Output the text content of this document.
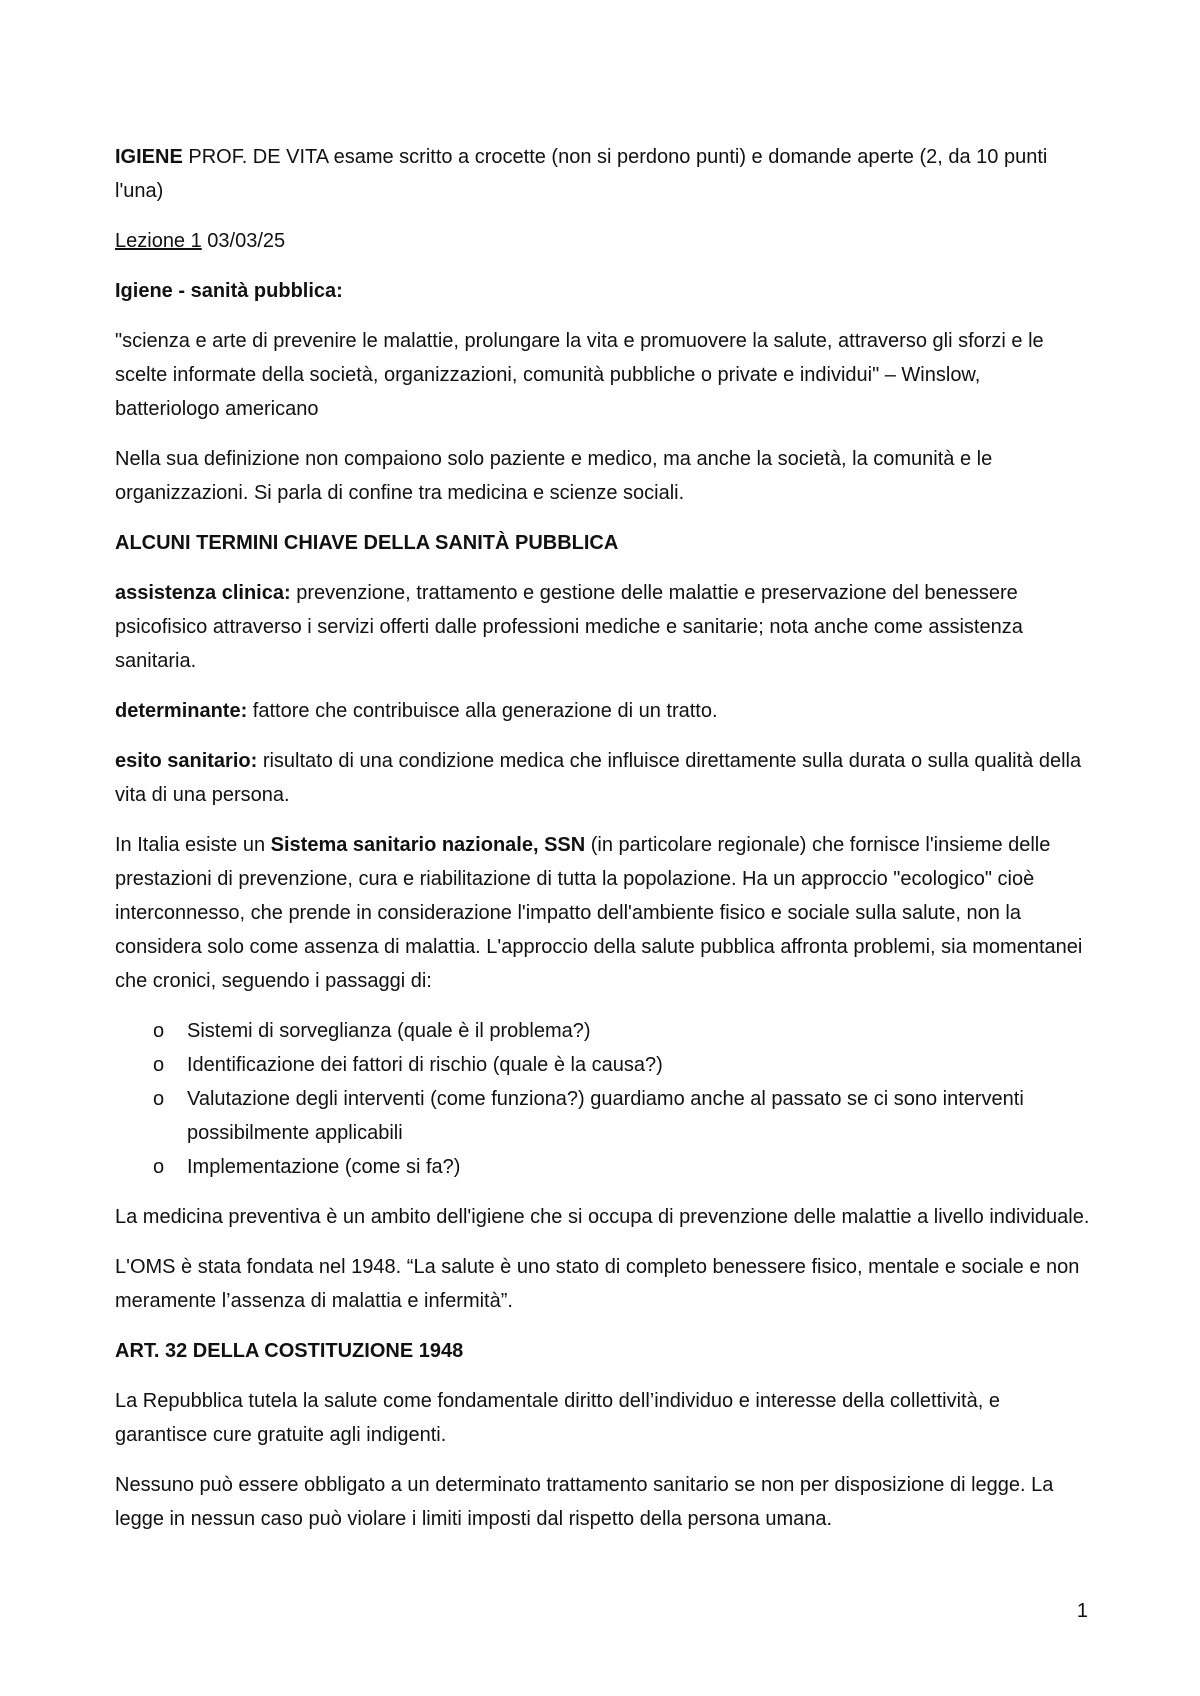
IGIENE PROF. DE VITA esame scritto a crocette (non si perdono punti) e domande aperte (2, da 10 punti l'una)

Lezione 1 03/03/25

Igiene - sanità pubblica:

"scienza e arte di prevenire le malattie, prolungare la vita e promuovere la salute, attraverso gli sforzi e le scelte informate della società, organizzazioni, comunità pubbliche o private e individui" – Winslow, batteriologo americano

Nella sua definizione non compaiono solo paziente e medico, ma anche la società, la comunità e le organizzazioni. Si parla di confine tra medicina e scienze sociali.

ALCUNI TERMINI CHIAVE DELLA SANITÀ PUBBLICA

assistenza clinica: prevenzione, trattamento e gestione delle malattie e preservazione del benessere psicofisico attraverso i servizi offerti dalle professioni mediche e sanitarie; nota anche come assistenza sanitaria.

determinante: fattore che contribuisce alla generazione di un tratto.

esito sanitario: risultato di una condizione medica che influisce direttamente sulla durata o sulla qualità della vita di una persona.

In Italia esiste un Sistema sanitario nazionale, SSN (in particolare regionale) che fornisce l'insieme delle prestazioni di prevenzione, cura e riabilitazione di tutta la popolazione. Ha un approccio "ecologico" cioè interconnesso, che prende in considerazione l'impatto dell'ambiente fisico e sociale sulla salute, non la considera solo come assenza di malattia. L'approccio della salute pubblica affronta problemi, sia momentanei che cronici, seguendo i passaggi di:

o Sistemi di sorveglianza (quale è il problema?)
o Identificazione dei fattori di rischio (quale è la causa?)
o Valutazione degli interventi (come funziona?) guardiamo anche al passato se ci sono interventi possibilmente applicabili
o Implementazione (come si fa?)

La medicina preventiva è un ambito dell'igiene che si occupa di prevenzione delle malattie a livello individuale.

L'OMS è stata fondata nel 1948. “La salute è uno stato di completo benessere fisico, mentale e sociale e non meramente l’assenza di malattia e infermità”.

ART. 32 DELLA COSTITUZIONE 1948

La Repubblica tutela la salute come fondamentale diritto dell’individuo e interesse della collettività, e garantisce cure gratuite agli indigenti.

Nessuno può essere obbligato a un determinato trattamento sanitario se non per disposizione di legge. La legge in nessun caso può violare i limiti imposti dal rispetto della persona umana.

1
